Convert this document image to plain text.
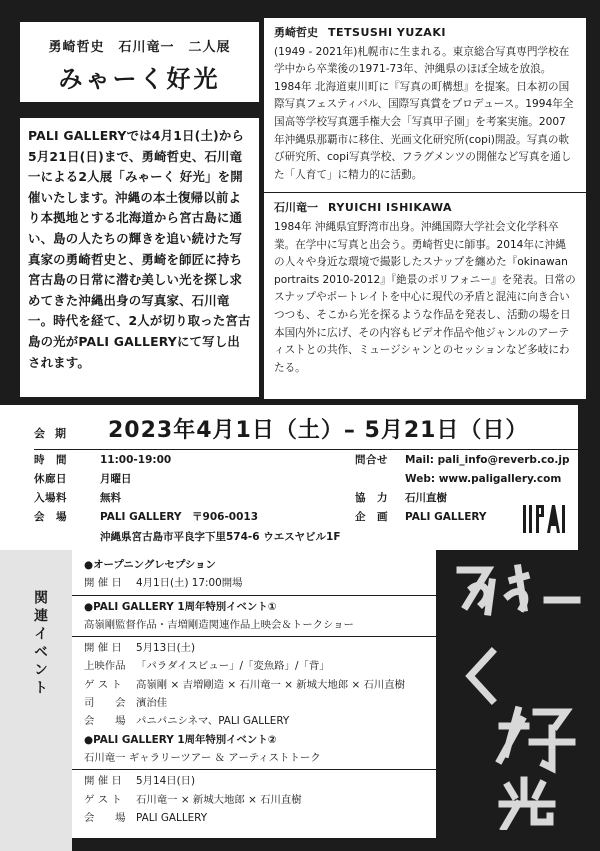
勇崎哲史　石川竜一　二人展
みゃーく好光
PALI GALLERYでは4月1日(土)から5月21日(日)まで、勇崎哲史、石川竜一による2人展「みゃーく 好光」を開催いたします。沖縄の本土復帰以前より本拠地とする北海道から宮古島に通い、島の人たちの輝きを追い続けた写真家の勇崎哲史と、勇崎を師匠に持ち宮古島の日常に潜む美しい光を探し求めてきた沖縄出身の写真家、石川竜一。時代を経て、2人が切り取った宮古島の光がPALI GALLERYにて写し出されます。
勇崎哲史 TETSUSHI YUZAKI
(1949 - 2021年)札幌市に生まれる。東京総合写真専門学校在学中から卒業後の1971-73年、沖縄県のほぼ全域を放浪。1984年 北海道東川町に『写真の町構想』を提案。日本初の国際写真フェスティバル、国際写真賞をプロデュース。1994年全国高等学校写真選手権大会「写真甲子園」を考案実施。2007年沖縄県那覇市に移住、光画文化研究所(copi)開設。写真の軟び研究所、copi写真学校、フラグメンツの開催など写真を通した「人育て」に精力的に活動。
石川竜一 RYUICHI ISHIKAWA
1984年 沖縄県宜野湾市出身。沖縄国際大学社会文化学科卒業。在学中に写真と出会う。勇崎哲史に師事。2014年に沖縄の人々や身近な環境で撮影したスナップを纏めた『okinawan portraits 2010-2012』『絶景のポリフォニー』を発表。日常のスナップやポートレイトを中心に現代の矛盾と混沌に向き合いつつも、そこから光を探るような作品を発表し、活動の場を日本国内外に広げ、その内容もビデオ作品や他ジャンルのアーティストとの共作、ミュージシャンとのセッションなど多岐にわたる。
会期 2023年4月1日（土）– 5月21日（日）
時　間	11:00-19:00
休廊日	月曜日
入場料	無料
会　場	PALI GALLERY　〒906-0013
沖縄県宮古島市平良字下里574-6 ウエスヤビル1F
問合せ	Mail: pali_info@reverb.co.jp
Web: www.paligallery.com
協　力	石川直樹
企　画	PALI GALLERY
関連イベント
●オープニングレセプション
開 催 日	4月1日(土) 17:00開場
●PALI GALLERY 1周年特別イベント①
高嶺剛監督作品・吉増剛造関連作品上映会＆トークショー
開 催 日	5月13日(土)
上映作品	「パラダイスビュー」/「変魚路」/「背」
ゲ ス ト	高嶺剛 × 吉増剛造 × 石川竜一 × 新城大地郎 × 石川直樹
司　　会	濱治佳
会　　場	パニパニシネマ、PALI GALLERY
●PALI GALLERY 1周年特別イベント②
石川竜一 ギャラリーツアー ＆ アーティストトーク
開 催 日	5月14日(日)
ゲ ス ト	石川竜一 × 新城大地郎 × 石川直樹
会　　場	PALI GALLERY
